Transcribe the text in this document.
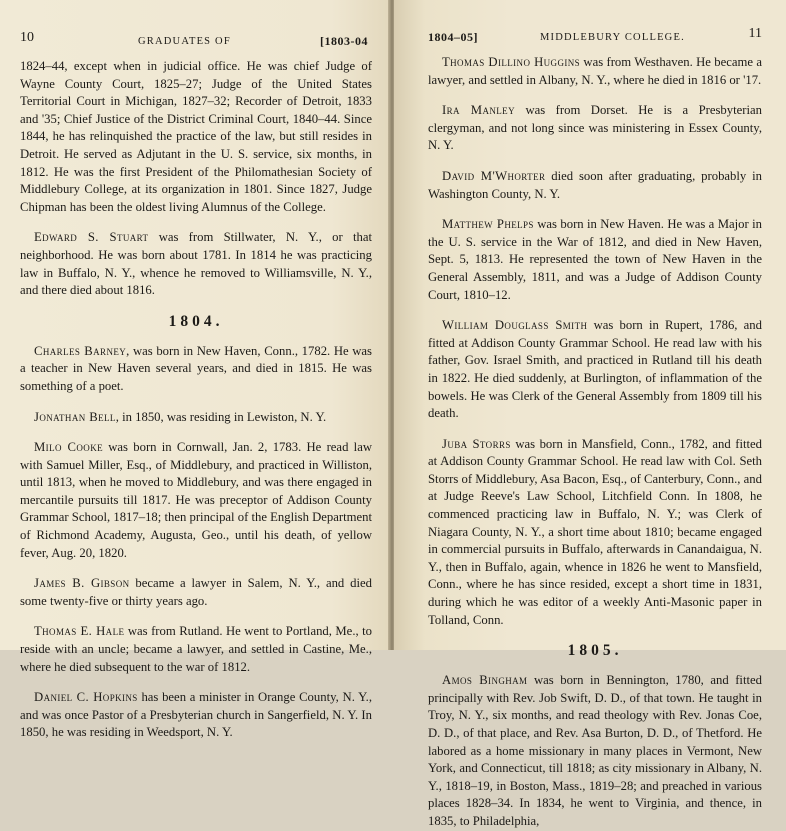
10	GRADUATES OF	[1803-04

1824–44, except when in judicial office. He was chief Judge of Wayne County Court, 1825–27; Judge of the United States Territorial Court in Michigan, 1827–32; Recorder of Detroit, 1833 and '35; Chief Justice of the District Criminal Court, 1840–44. Since 1844, he has relinquished the practice of the law, but still resides in Detroit. He served as Adjutant in the U. S. service, six months, in 1812. He was the first President of the Philomathesian Society of Middlebury College, at its organization in 1801. Since 1827, Judge Chipman has been the oldest living Alumnus of the College.

Edward S. Stuart was from Stillwater, N. Y., or that neighborhood. He was born about 1781. In 1814 he was practicing law in Buffalo, N. Y., whence he removed to Williamsville, N. Y., and there died about 1816.

1804.

Charles Barney, was born in New Haven, Conn., 1782. He was a teacher in New Haven several years, and died in 1815. He was something of a poet.

Jonathan Bell, in 1850, was residing in Lewiston, N. Y.

Milo Cooke was born in Cornwall, Jan. 2, 1783. He read law with Samuel Miller, Esq., of Middlebury, and practiced in Williston, until 1813, when he moved to Middlebury, and was there engaged in mercantile pursuits till 1817. He was preceptor of Addison County Grammar School, 1817–18; then principal of the English Department of Richmond Academy, Augusta, Geo., until his death, of yellow fever, Aug. 20, 1820.

James B. Gibson became a lawyer in Salem, N. Y., and died some twenty-five or thirty years ago.

Thomas E. Hale was from Rutland. He went to Portland, Me., to reside with an uncle; became a lawyer, and settled in Castine, Me., where he died subsequent to the war of 1812.

Daniel C. Hopkins has been a minister in Orange County, N. Y., and was once Pastor of a Presbyterian church in Sangerfield, N. Y. In 1850, he was residing in Weedsport, N. Y.

1804–05]	MIDDLEBURY COLLEGE.	11

Thomas Dillino Huggins was from Westhaven. He became a lawyer, and settled in Albany, N. Y., where he died in 1816 or '17.

Ira Manley was from Dorset. He is a Presbyterian clergyman, and not long since was ministering in Essex County, N. Y.

David M'Whorter died soon after graduating, probably in Washington County, N. Y.

Matthew Phelps was born in New Haven. He was a Major in the U. S. service in the War of 1812, and died in New Haven, Sept. 5, 1813. He represented the town of New Haven in the General Assembly, 1811, and was a Judge of Addison County Court, 1810–12.

William Douglass Smith was born in Rupert, 1786, and fitted at Addison County Grammar School. He read law with his father, Gov. Israel Smith, and practiced in Rutland till his death in 1822. He died suddenly, at Burlington, of inflammation of the bowels. He was Clerk of the General Assembly from 1809 till his death.

Juba Storrs was born in Mansfield, Conn., 1782, and fitted at Addison County Grammar School. He read law with Col. Seth Storrs of Middlebury, Asa Bacon, Esq., of Canterbury, Conn., and at Judge Reeve's Law School, Litchfield Conn. In 1808, he commenced practicing law in Buffalo, N. Y.; was Clerk of Niagara County, N. Y., a short time about 1810; became engaged in commercial pursuits in Buffalo, afterwards in Canandaigua, N. Y., then in Buffalo, again, whence in 1826 he went to Mansfield, Conn., where he has since resided, except a short time in 1831, during which he was editor of a weekly Anti-Masonic paper in Tolland, Conn.

1805.

Amos Bingham was born in Bennington, 1780, and fitted principally with Rev. Job Swift, D. D., of that town. He taught in Troy, N. Y., six months, and read theology with Rev. Jonas Coe, D. D., of that place, and Rev. Asa Burton, D. D., of Thetford. He labored as a home missionary in many places in Vermont, New York, and Connecticut, till 1818; as city missionary in Albany, N. Y., 1818–19, in Boston, Mass., 1819–28; and preached in various places 1828–34. In 1834, he went to Virginia, and thence, in 1835, to Philadelphia,
